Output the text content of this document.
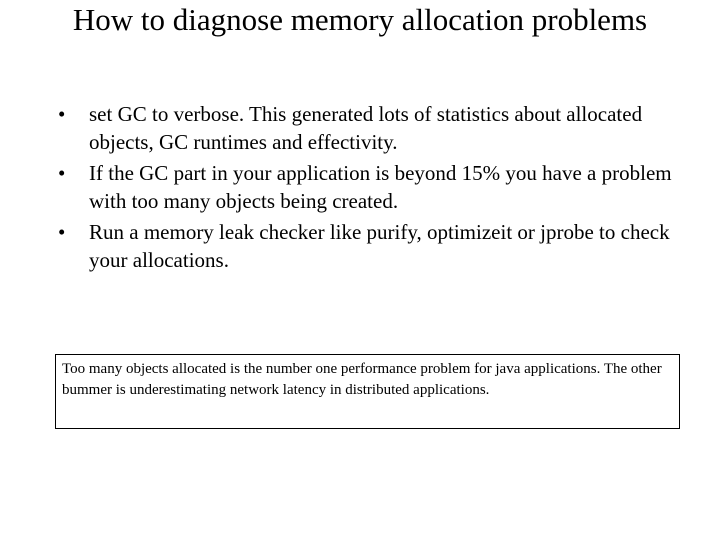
How to diagnose memory allocation problems
• set GC to verbose. This generated lots of statistics about allocated objects, GC runtimes and effectivity.
• If the GC part in your application is beyond 15% you have a problem with too many objects being created.
• Run a memory leak checker like purify, optimizeit or jprobe to check your allocations.
Too many objects allocated is the number one performance problem for java applications. The other bummer is underestimating network latency in distributed applications.
